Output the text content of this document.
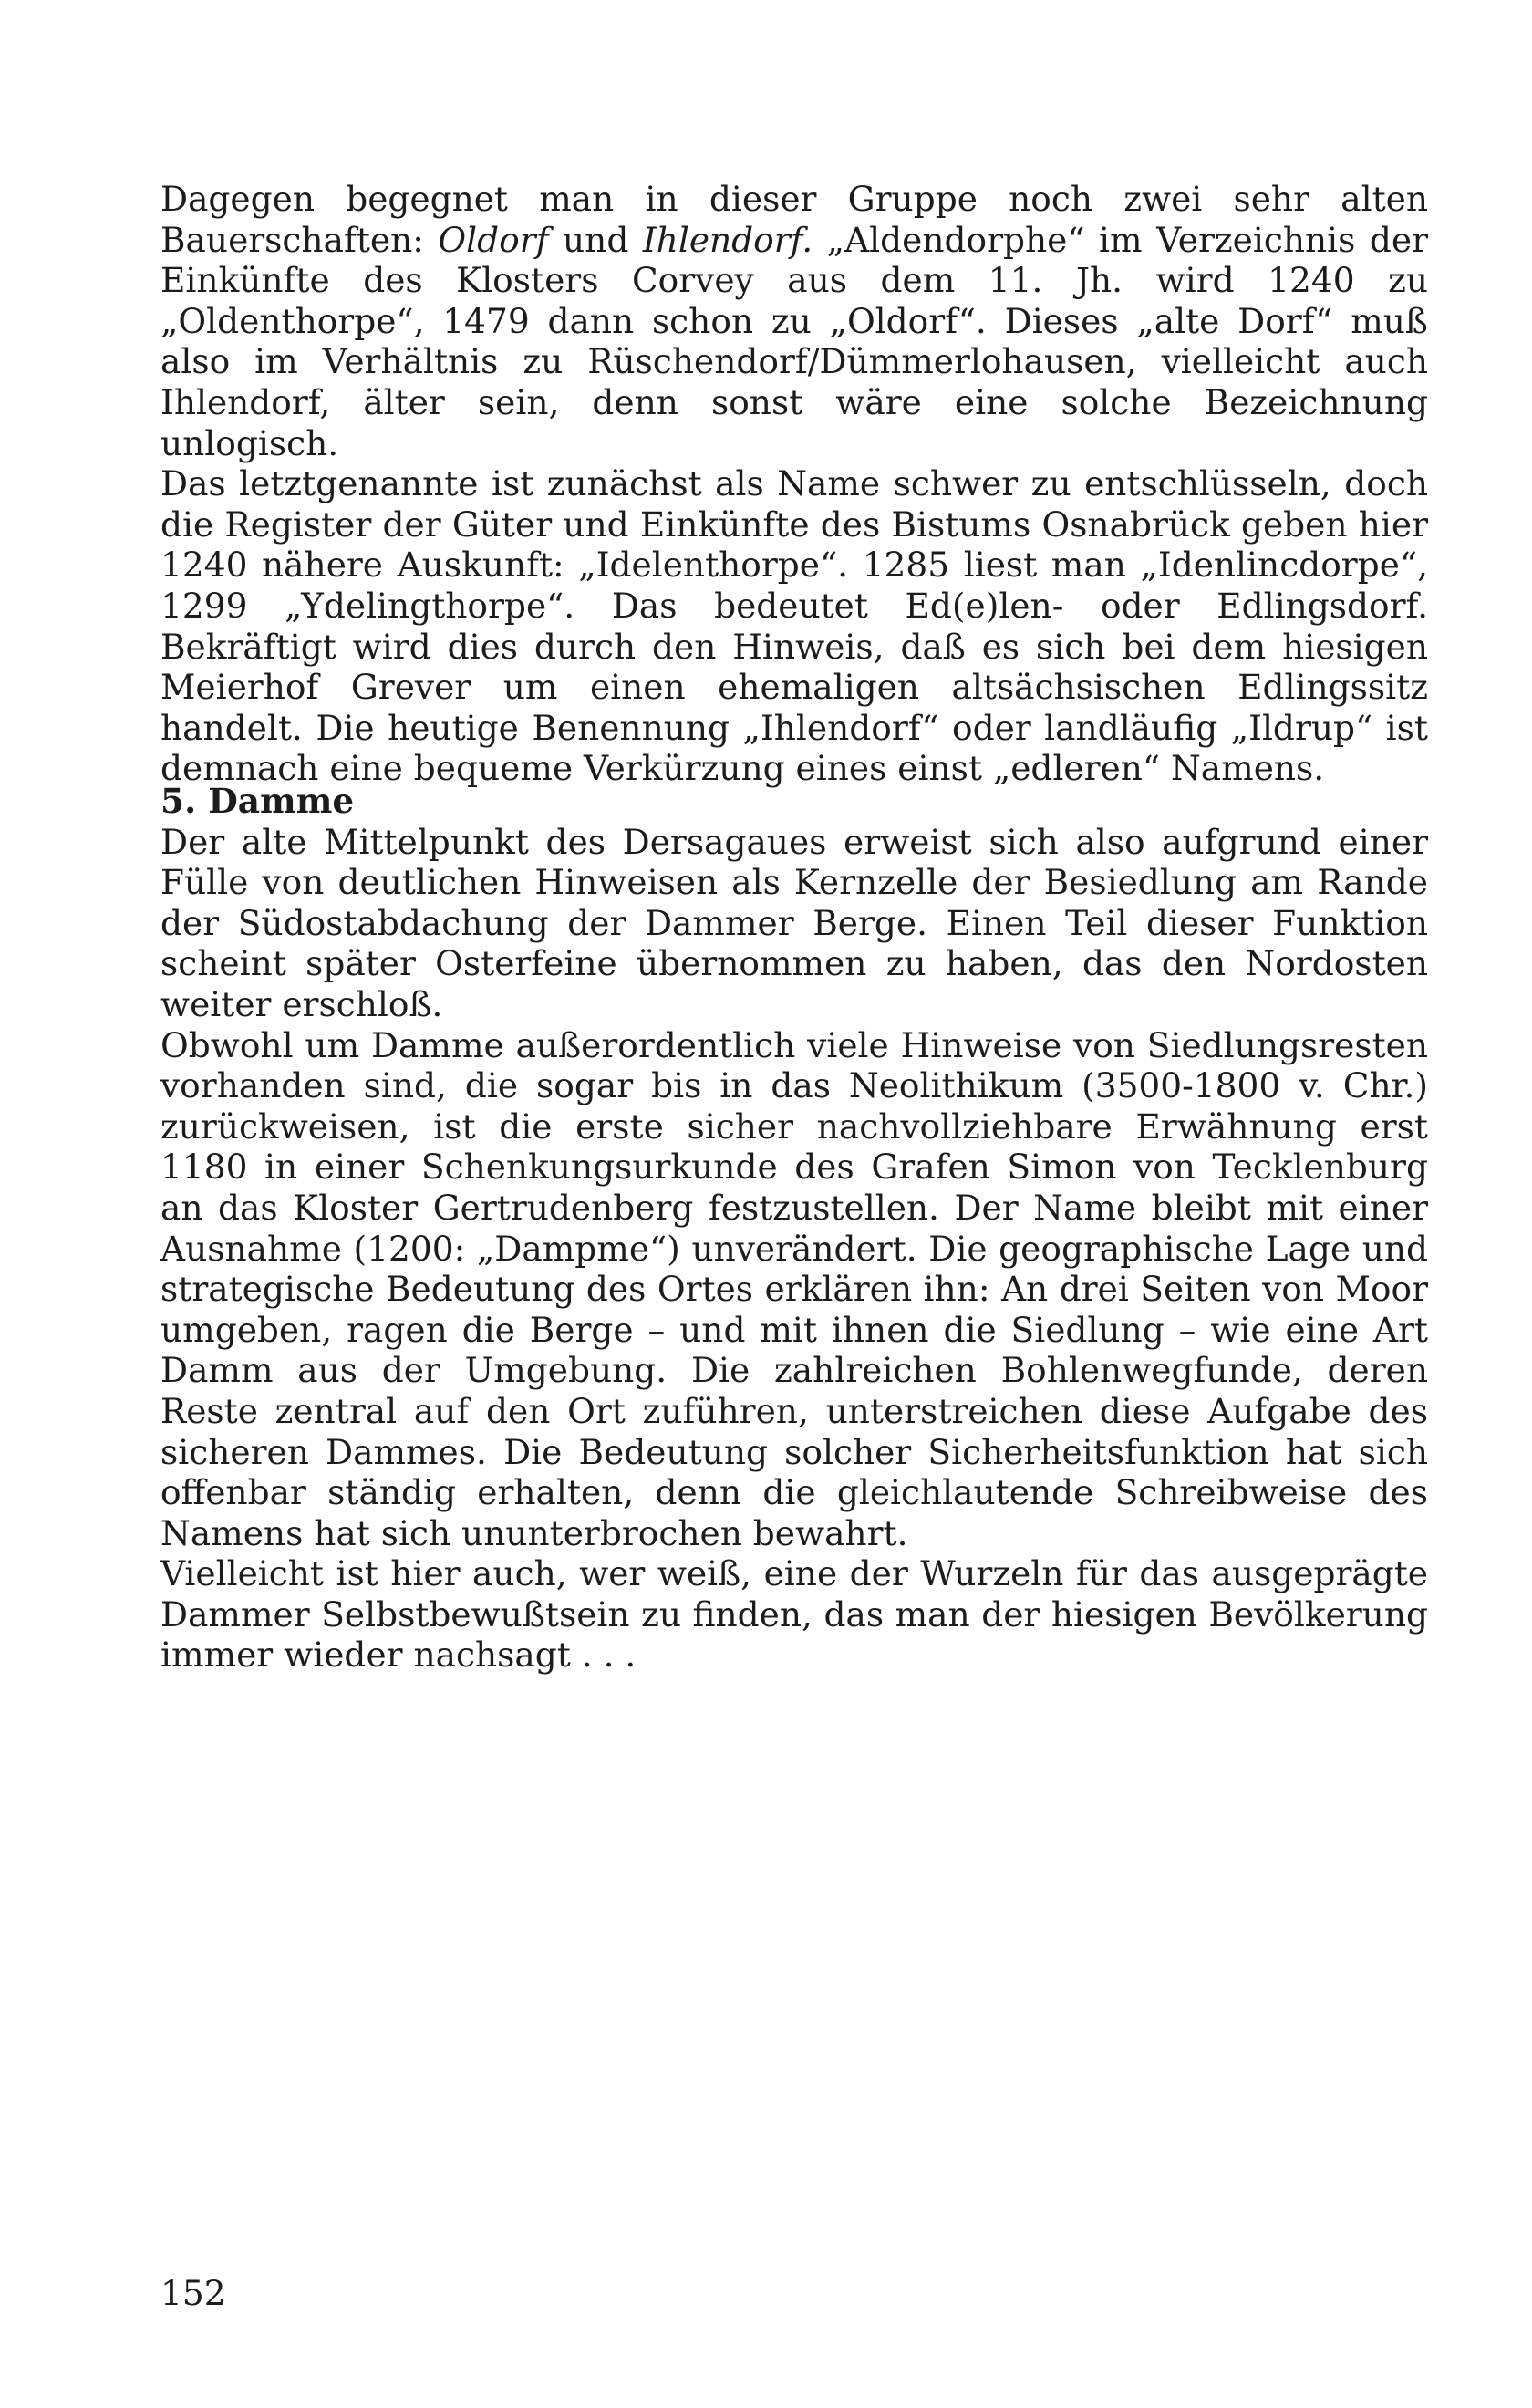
Dagegen begegnet man in dieser Gruppe noch zwei sehr alten Bauerschaften: Oldorf und Ihlendorf. „Aldendorphe“ im Verzeichnis der Einkünfte des Klosters Corvey aus dem 11. Jh. wird 1240 zu „Oldenthorpe“, 1479 dann schon zu „Oldorf“. Dieses „alte Dorf“ muß also im Verhältnis zu Rüschendorf/Dümmerlohausen, vielleicht auch Ihlendorf, älter sein, denn sonst wäre eine solche Bezeichnung unlogisch.

Das letztgenannte ist zunächst als Name schwer zu entschlüsseln, doch die Register der Güter und Einkünfte des Bistums Osnabrück geben hier 1240 nähere Auskunft: „Idelenthorpe“. 1285 liest man „Idenlincdorpe“, 1299 „Ydelingthorpe“. Das bedeutet Ed(e)len- oder Edlingsdorf. Bekräftigt wird dies durch den Hinweis, daß es sich bei dem hiesigen Meierhof Grever um einen ehemaligen altsächsischen Edlingssitz handelt. Die heutige Benennung „Ihlendorf“ oder landläufig „Ildrup“ ist demnach eine bequeme Verkürzung eines einst „edleren“ Namens.

5. Damme

Der alte Mittelpunkt des Dersagaues erweist sich also aufgrund einer Fülle von deutlichen Hinweisen als Kernzelle der Besiedlung am Rande der Südostabdachung der Dammer Berge. Einen Teil dieser Funktion scheint später Osterfeine übernommen zu haben, das den Nordosten weiter erschloß.

Obwohl um Damme außerordentlich viele Hinweise von Siedlungsresten vorhanden sind, die sogar bis in das Neolithikum (3500-1800 v. Chr.) zurückweisen, ist die erste sicher nachvollziehbare Erwähnung erst 1180 in einer Schenkungsurkunde des Grafen Simon von Tecklenburg an das Kloster Gertrudenberg festzustellen. Der Name bleibt mit einer Ausnahme (1200: „Dampme“) unverändert. Die geographische Lage und strategische Bedeutung des Ortes erklären ihn: An drei Seiten von Moor umgeben, ragen die Berge – und mit ihnen die Siedlung – wie eine Art Damm aus der Umgebung. Die zahlreichen Bohlenwegfunde, deren Reste zentral auf den Ort zuführen, unterstreichen diese Aufgabe des sicheren Dammes. Die Bedeutung solcher Sicherheitsfunktion hat sich offenbar ständig erhalten, denn die gleichlautende Schreibweise des Namens hat sich ununterbrochen bewahrt.

Vielleicht ist hier auch, wer weiß, eine der Wurzeln für das ausgeprägte Dammer Selbstbewußtsein zu finden, das man der hiesigen Bevölkerung immer wieder nachsagt . . .

152
